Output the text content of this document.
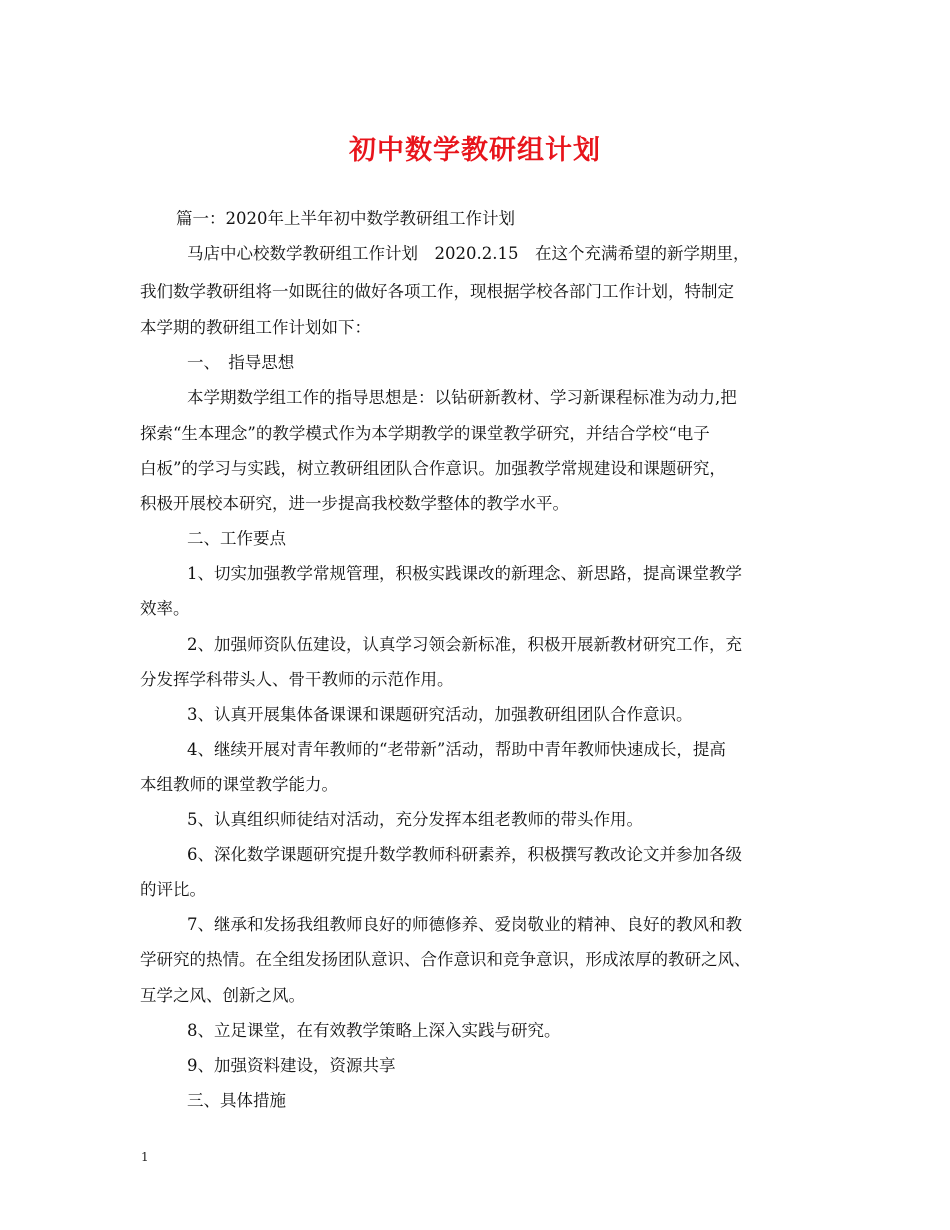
初中数学教研组计划
篇一：2020年上半年初中数学教研组工作计划
马店中心校数学教研组工作计划　2020.2.15　在这个充满希望的新学期里，
我们数学教研组将一如既往的做好各项工作，现根据学校各部门工作计划，特制定
本学期的教研组工作计划如下：
一、　指导思想
本学期数学组工作的指导思想是：以钻研新教材、学习新课程标准为动力,把
探索“生本理念”的教学模式作为本学期教学的课堂教学研究，并结合学校“电子
白板”的学习与实践，树立教研组团队合作意识。加强教学常规建设和课题研究，
积极开展校本研究，进一步提高我校数学整体的教学水平。
二、工作要点
1、切实加强教学常规管理，积极实践课改的新理念、新思路，提高课堂教学
效率。
2、加强师资队伍建设，认真学习领会新标准，积极开展新教材研究工作，充
分发挥学科带头人、骨干教师的示范作用。
3、认真开展集体备课课和课题研究活动，加强教研组团队合作意识。
4、继续开展对青年教师的“老带新”活动，帮助中青年教师快速成长，提高
本组教师的课堂教学能力。
5、认真组织师徒结对活动，充分发挥本组老教师的带头作用。
6、深化数学课题研究提升数学教师科研素养，积极撰写教改论文并参加各级
的评比。
7、继承和发扬我组教师良好的师德修养、爱岗敬业的精神、良好的教风和教
学研究的热情。在全组发扬团队意识、合作意识和竞争意识，形成浓厚的教研之风、
互学之风、创新之风。
8、立足课堂，在有效教学策略上深入实践与研究。
9、加强资料建设，资源共享
三、具体措施
1
